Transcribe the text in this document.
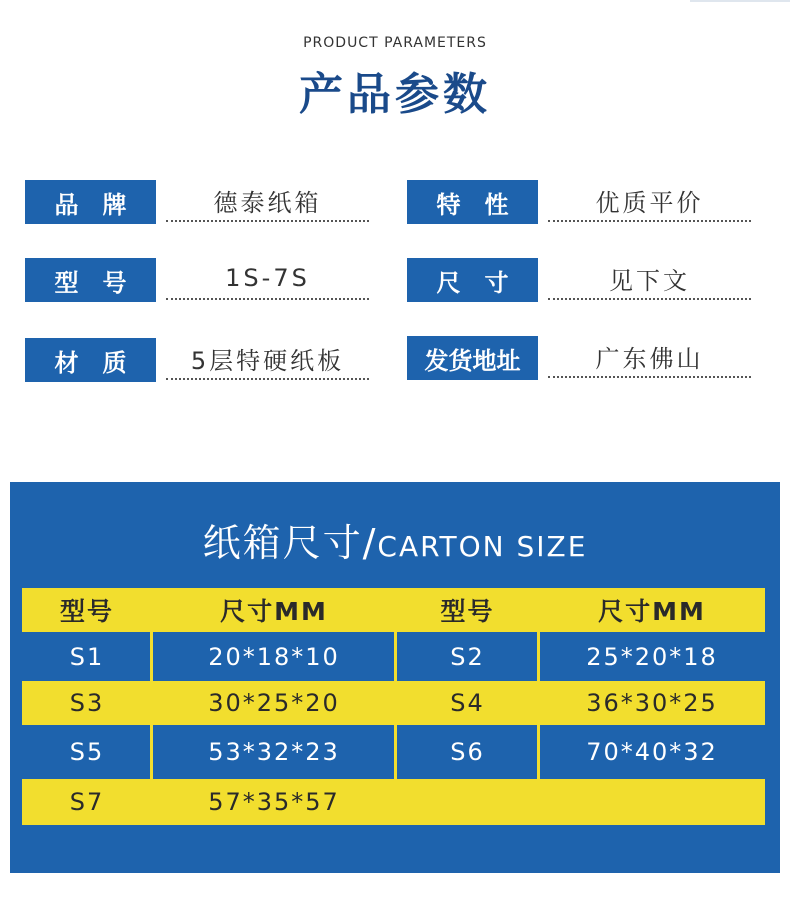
PRODUCT PARAMETERS
产品参数
品　牌	德泰纸箱	特　性	优质平价
型　号	1S-7S	尺　寸	见下文
材　质	5层特硬纸板	发货地址	广东佛山
纸箱尺寸/CARTON SIZE
型号	尺寸MM	型号	尺寸MM
S1	20*18*10	S2	25*20*18
S3	30*25*20	S4	36*30*25
S5	53*32*23	S6	70*40*32
S7	57*35*57
